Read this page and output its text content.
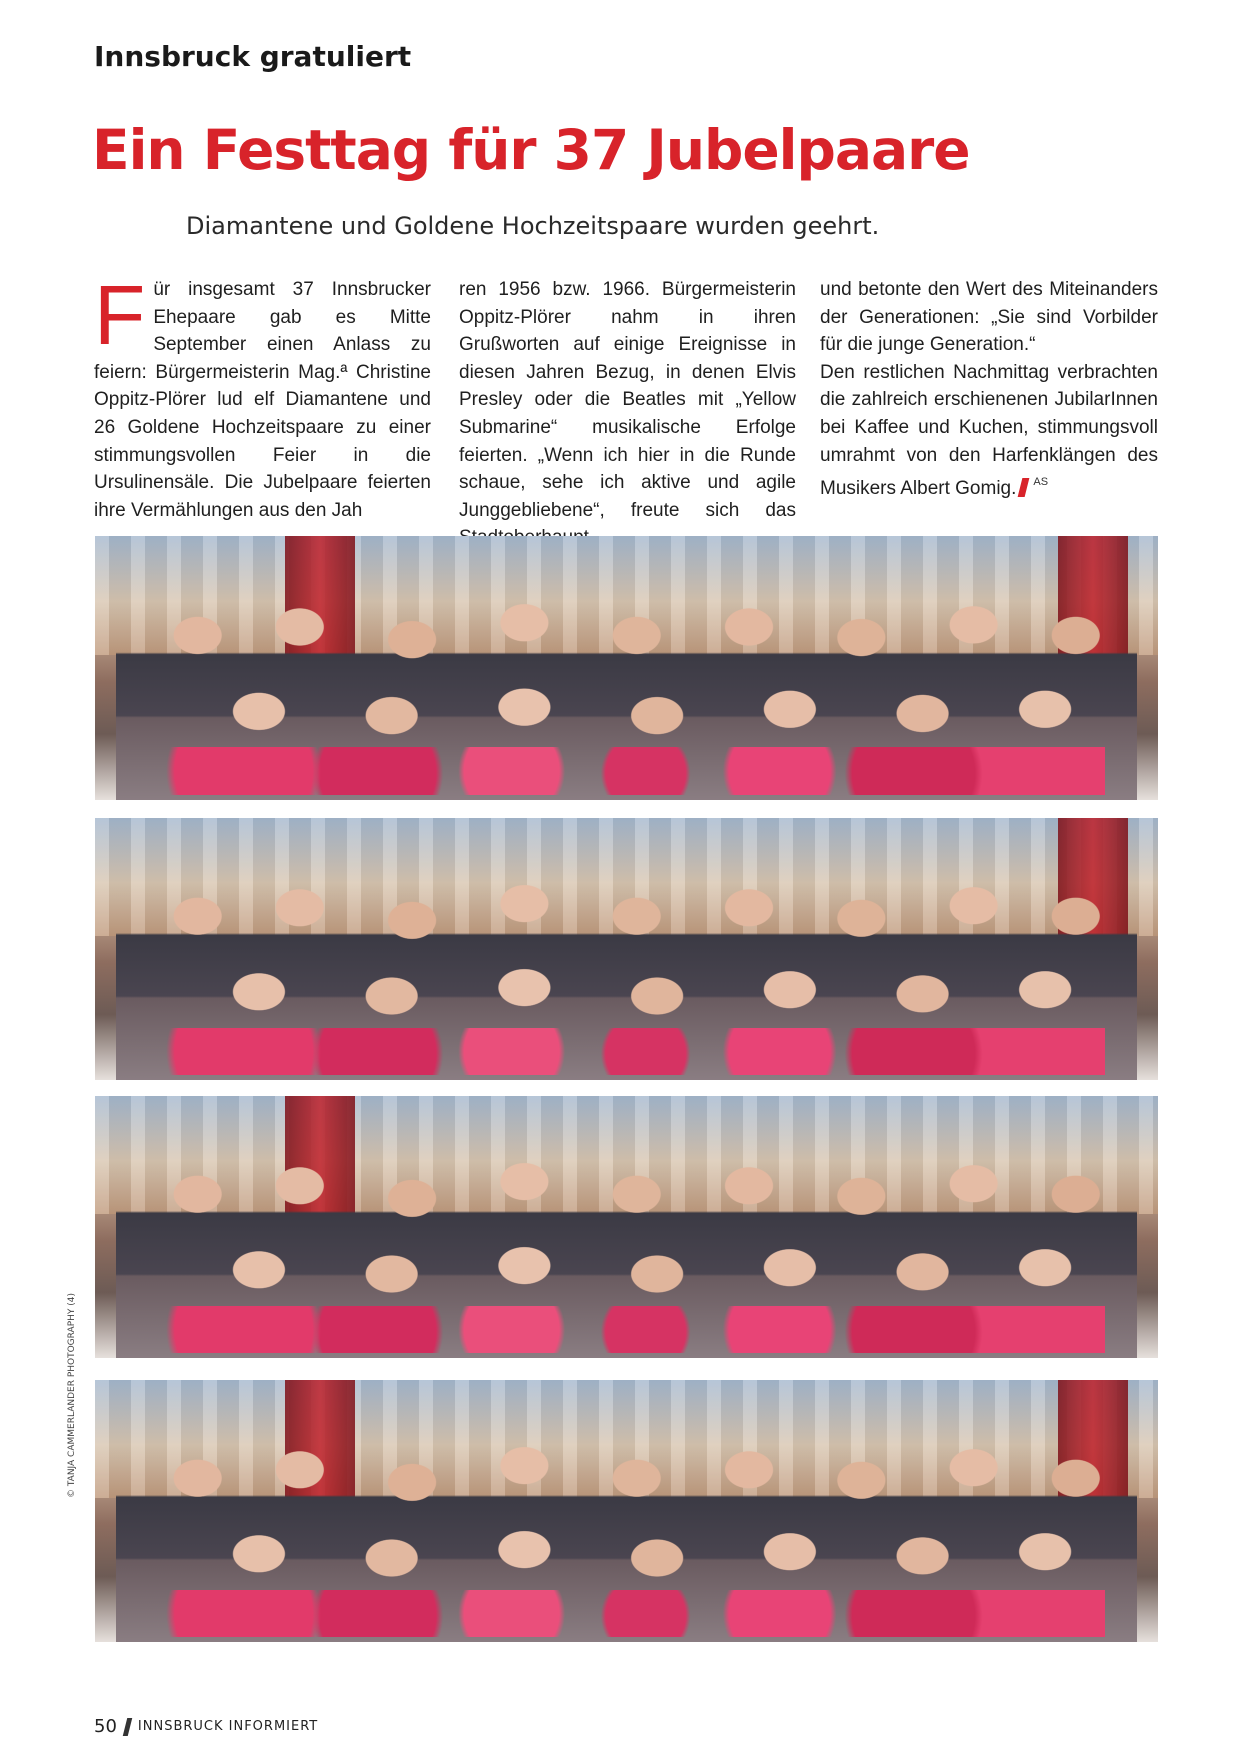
Innsbruck gratuliert
Ein Festtag für 37 Jubelpaare
Diamantene und Goldene Hochzeitspaare wurden geehrt.
F ür insgesamt 37 Innsbrucker Ehepaare gab es Mitte September einen Anlass zu feiern: Bürgermeisterin Mag.ª Christine Oppitz-Plörer lud elf Diamantene und 26 Goldene Hochzeitspaare zu einer stimmungsvollen Feier in die Ursulinensäle. Die Jubelpaare feierten ihre Vermählungen aus den Jah
ren 1956 bzw. 1966. Bürgermeisterin Oppitz-Plörer nahm in ihren Grußworten auf einige Ereignisse in diesen Jahren Bezug, in denen Elvis Presley oder die Beatles mit „Yellow Submarine“ musikalische Erfolge feierten. „Wenn ich hier in die Runde schaue, sehe ich aktive und agile Junggebliebene“, freute sich das
und betonte den Wert des Miteinanders der Generationen: „Sie sind Vorbilder für die junge Generation.“
Den restlichen Nachmittag verbrachten die zahlreich erschienenen JubilarInnen bei Kaffee und Kuchen, stimmungsvoll umrahmt von den Harfenklängen des Musikers Albert Gomig. $^{AS}$
© TANJA CAMMERLANDER PHOTOGRAPHY (4)
50 INNSBRUCK INFORMIERT
